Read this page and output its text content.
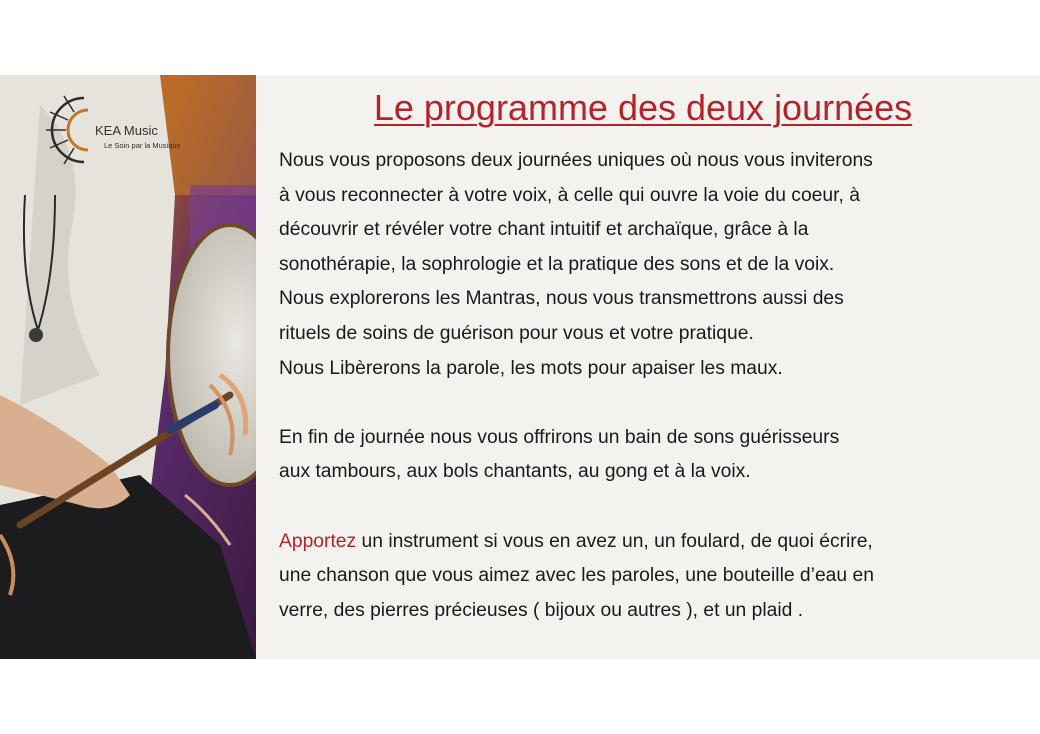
KEA Music
Le Soin par la Musique
Le programme des deux journées

Nous vous proposons deux journées uniques où nous vous inviterons
à vous reconnecter à votre voix, à celle qui ouvre la voie du coeur, à
découvrir et révéler votre chant intuitif et archaïque, grâce à la
sonothérapie, la sophrologie et la pratique des sons et de la voix.
Nous explorerons les Mantras, nous vous transmettrons aussi des
rituels de soins de guérison pour vous et votre pratique.
Nous Libèrerons la parole, les mots pour apaiser les maux.

En fin de journée nous vous offrirons un bain de sons guérisseurs
aux tambours, aux bols chantants, au gong et à la voix.

Apportez un instrument si vous en avez un, un foulard, de quoi écrire,
une chanson que vous aimez avec les paroles, une bouteille d’eau en
verre, des pierres précieuses ( bijoux ou autres ), et un plaid .
